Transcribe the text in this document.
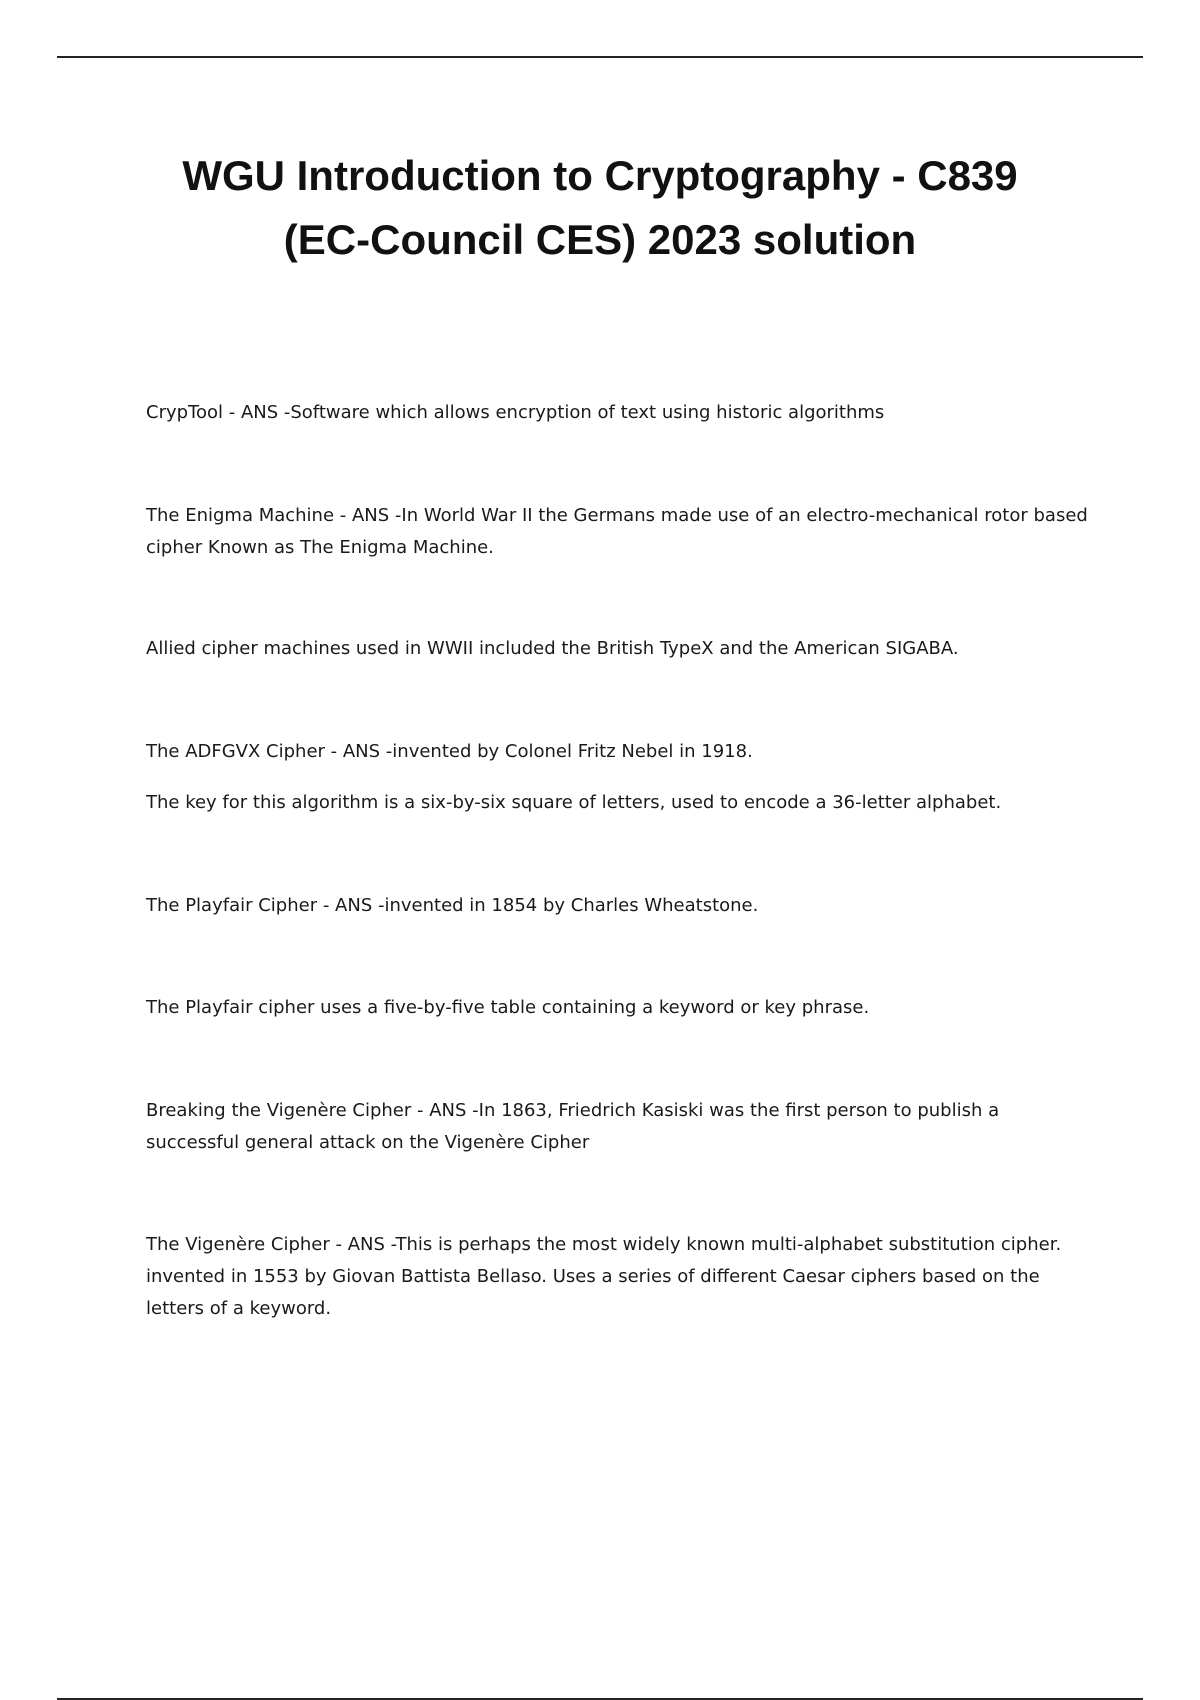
WGU Introduction to Cryptography - C839
(EC-Council CES) 2023 solution

CrypTool - ANS -Software which allows encryption of text using historic algorithms

The Enigma Machine - ANS -In World War II the Germans made use of an electro-mechanical rotor based cipher Known as The Enigma Machine.

Allied cipher machines used in WWII included the British TypeX and the American SIGABA.

The ADFGVX Cipher - ANS -invented by Colonel Fritz Nebel in 1918.

The key for this algorithm is a six-by-six square of letters, used to encode a 36-letter alphabet.

The Playfair Cipher - ANS -invented in 1854 by Charles Wheatstone.

The Playfair cipher uses a five-by-five table containing a keyword or key phrase.

Breaking the Vigenère Cipher - ANS -In 1863, Friedrich Kasiski was the first person to publish a successful general attack on the Vigenère Cipher

The Vigenère Cipher - ANS -This is perhaps the most widely known multi-alphabet substitution cipher. invented in 1553 by Giovan Battista Bellaso. Uses a series of different Caesar ciphers based on the letters of a keyword.
